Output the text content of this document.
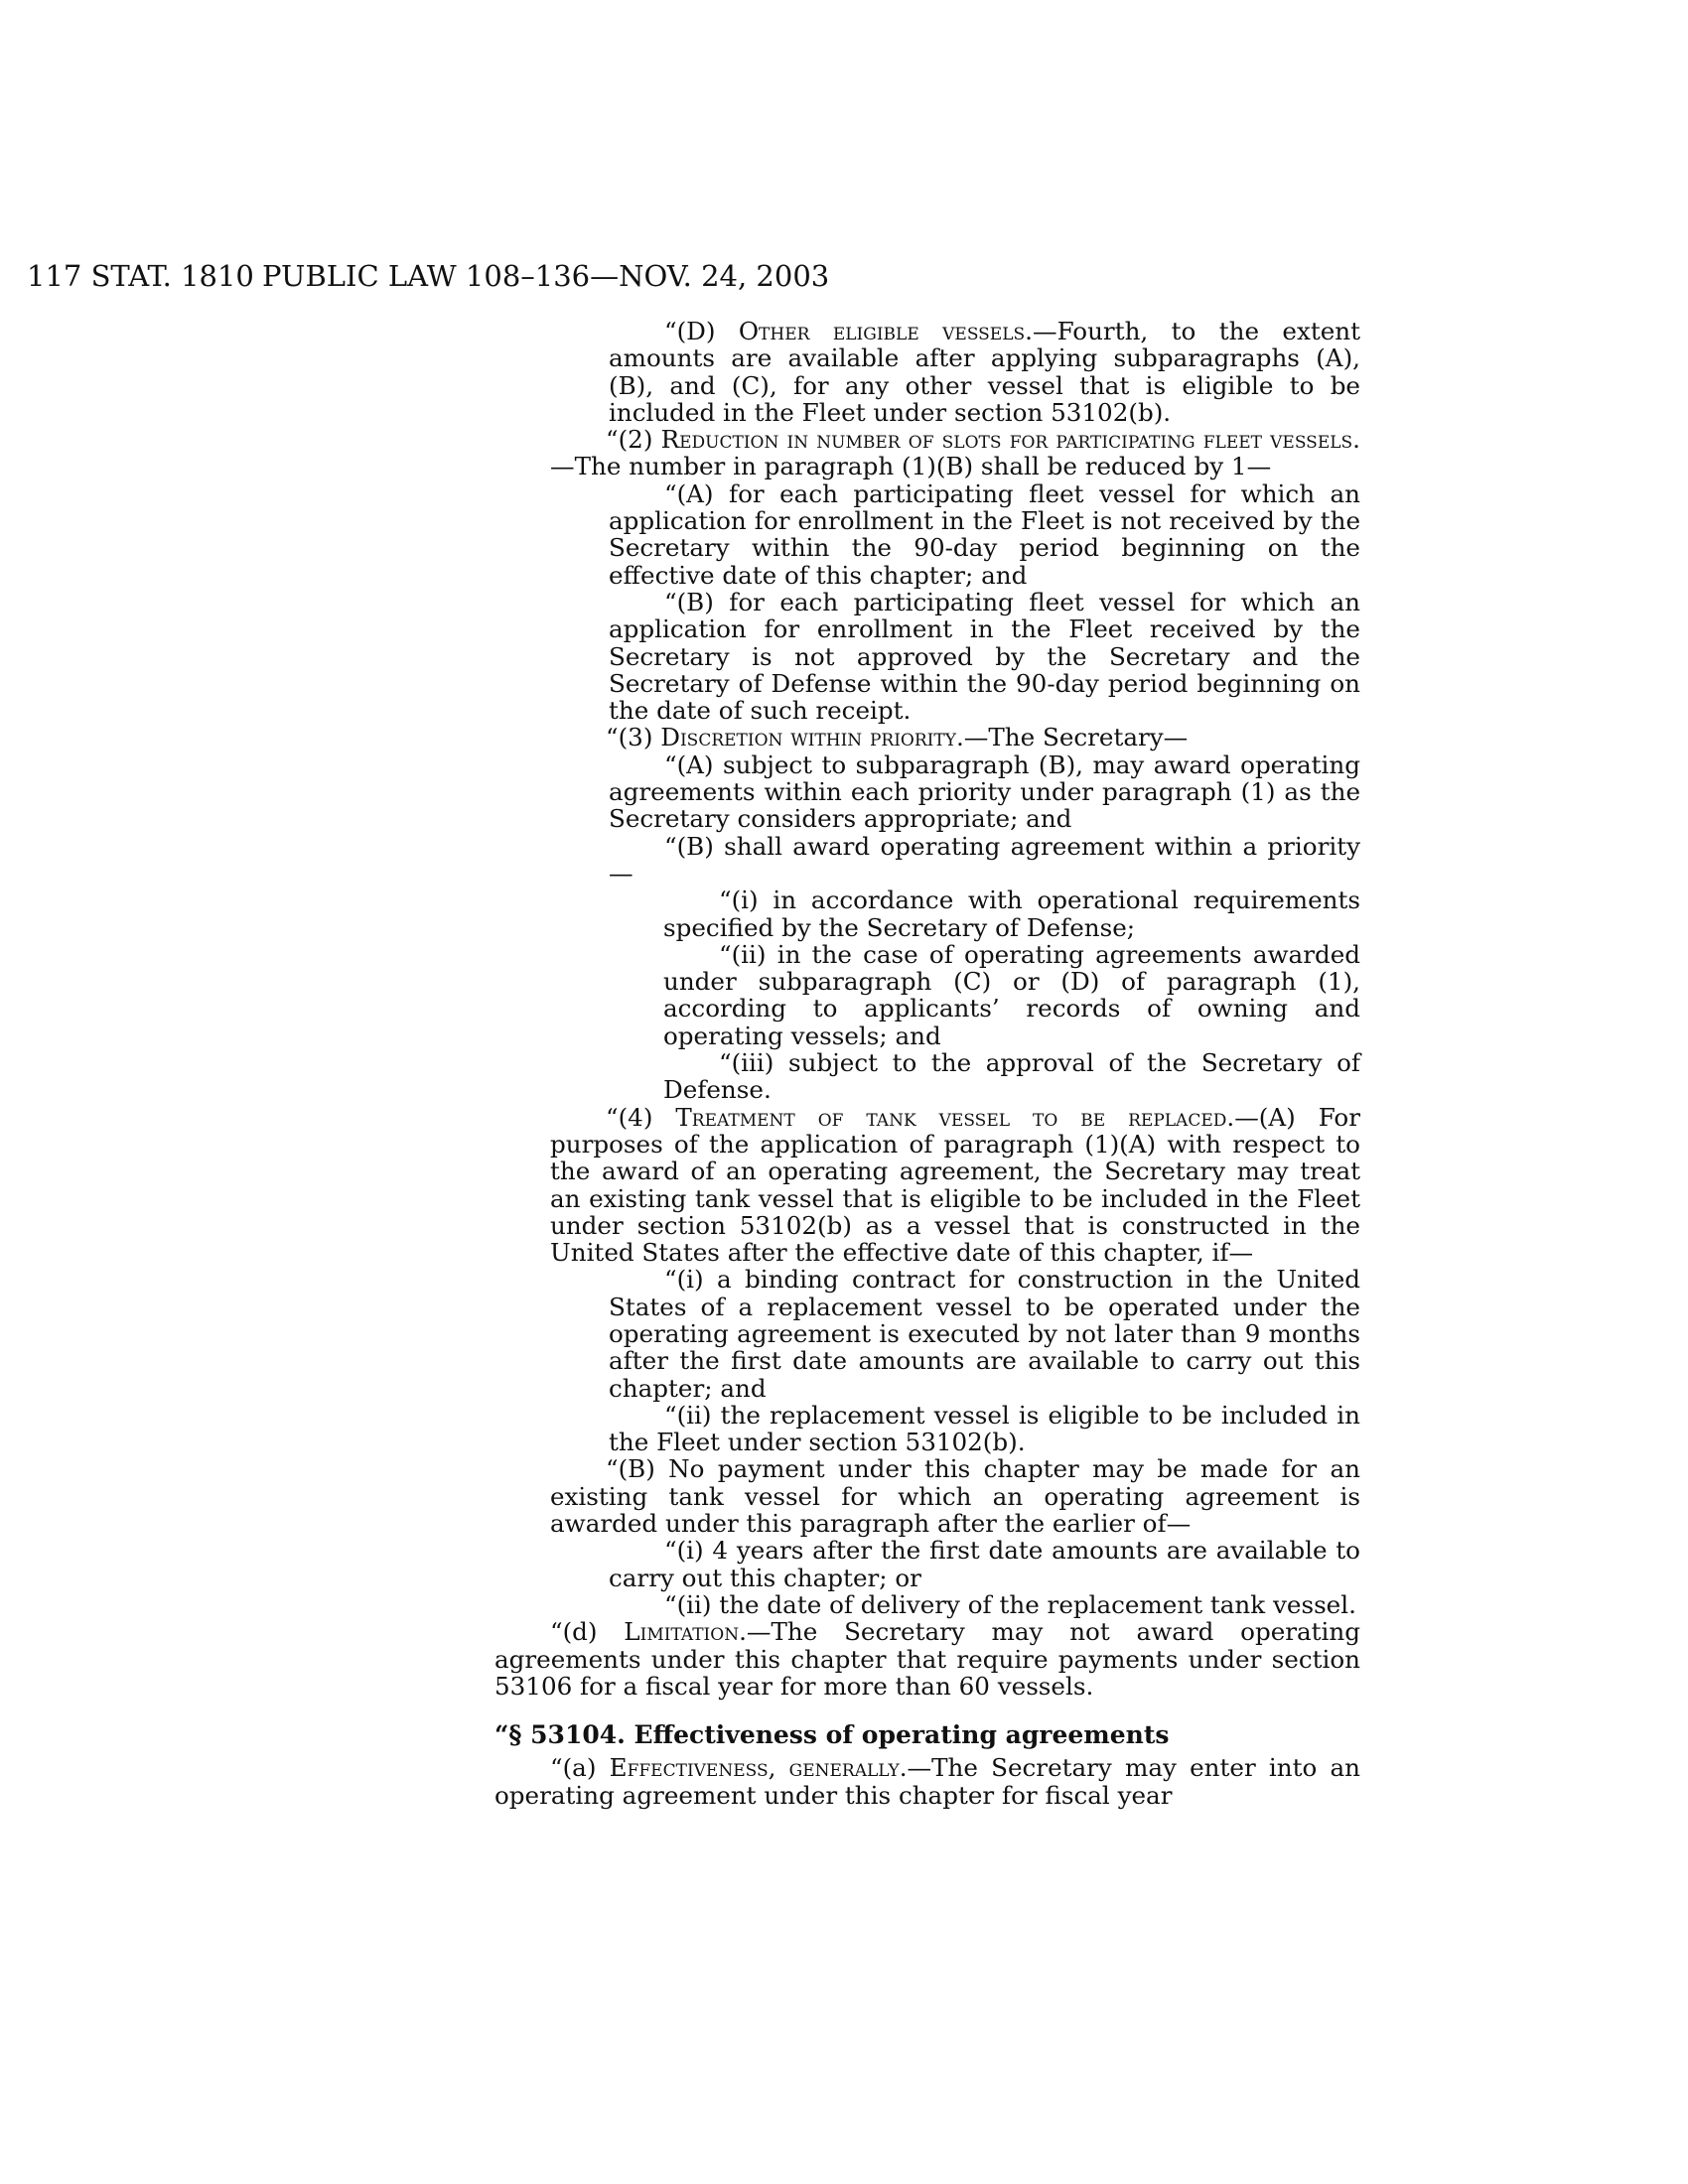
117 STAT. 1810 PUBLIC LAW 108–136—NOV. 24, 2003

“(D) Other eligible vessels.—Fourth, to the extent amounts are available after applying subparagraphs (A), (B), and (C), for any other vessel that is eligible to be included in the Fleet under section 53102(b).

“(2) Reduction in number of slots for participating fleet vessels.—The number in paragraph (1)(B) shall be reduced by 1—

“(A) for each participating fleet vessel for which an application for enrollment in the Fleet is not received by the Secretary within the 90-day period beginning on the effective date of this chapter; and

“(B) for each participating fleet vessel for which an application for enrollment in the Fleet received by the Secretary is not approved by the Secretary and the Secretary of Defense within the 90-day period beginning on the date of such receipt.

“(3) Discretion within priority.—The Secretary—

“(A) subject to subparagraph (B), may award operating agreements within each priority under paragraph (1) as the Secretary considers appropriate; and

“(B) shall award operating agreement within a priority—

“(i) in accordance with operational requirements specified by the Secretary of Defense;

“(ii) in the case of operating agreements awarded under subparagraph (C) or (D) of paragraph (1), according to applicants’ records of owning and operating vessels; and

“(iii) subject to the approval of the Secretary of Defense.

“(4) Treatment of tank vessel to be replaced.—(A) For purposes of the application of paragraph (1)(A) with respect to the award of an operating agreement, the Secretary may treat an existing tank vessel that is eligible to be included in the Fleet under section 53102(b) as a vessel that is constructed in the United States after the effective date of this chapter, if—

“(i) a binding contract for construction in the United States of a replacement vessel to be operated under the operating agreement is executed by not later than 9 months after the first date amounts are available to carry out this chapter; and

“(ii) the replacement vessel is eligible to be included in the Fleet under section 53102(b).

“(B) No payment under this chapter may be made for an existing tank vessel for which an operating agreement is awarded under this paragraph after the earlier of—

“(i) 4 years after the first date amounts are available to carry out this chapter; or

“(ii) the date of delivery of the replacement tank vessel.

“(d) Limitation.—The Secretary may not award operating agreements under this chapter that require payments under section 53106 for a fiscal year for more than 60 vessels.

“§ 53104. Effectiveness of operating agreements

“(a) Effectiveness, generally.—The Secretary may enter into an operating agreement under this chapter for fiscal year
